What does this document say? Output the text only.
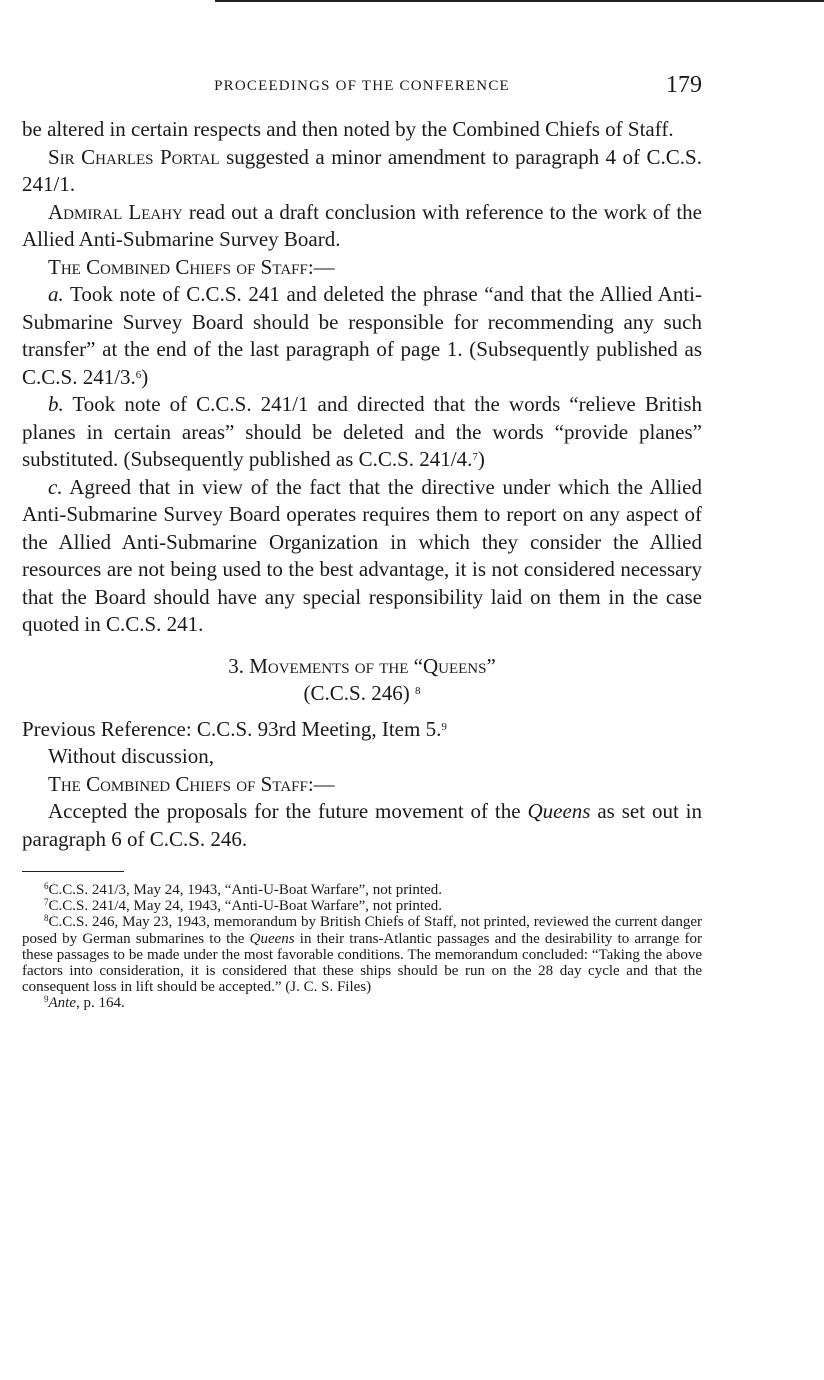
PROCEEDINGS OF THE CONFERENCE	179

be altered in certain respects and then noted by the Combined Chiefs of Staff.

Sir Charles Portal suggested a minor amendment to paragraph 4 of C.C.S. 241/1.

Admiral Leahy read out a draft conclusion with reference to the work of the Allied Anti-Submarine Survey Board.

The Combined Chiefs of Staff:—

a. Took note of C.C.S. 241 and deleted the phrase “and that the Allied Anti-Submarine Survey Board should be responsible for recommending any such transfer” at the end of the last paragraph of page 1. (Subsequently published as C.C.S. 241/3.$^6$)

b. Took note of C.C.S. 241/1 and directed that the words “relieve British planes in certain areas” should be deleted and the words “provide planes” substituted. (Subsequently published as C.C.S. 241/4.$^7$)

c. Agreed that in view of the fact that the directive under which the Allied Anti-Submarine Survey Board operates requires them to report on any aspect of the Allied Anti-Submarine Organization in which they consider the Allied resources are not being used to the best advantage, it is not considered necessary that the Board should have any special responsibility laid on them in the case quoted in C.C.S. 241.

3. Movements of the “Queens”

(C.C.S. 246) $^8$

Previous Reference: C.C.S. 93rd Meeting, Item 5.$^9$

Without discussion,

The Combined Chiefs of Staff:—

Accepted the proposals for the future movement of the Queens as set out in paragraph 6 of C.C.S. 246.

$^6$C.C.S. 241/3, May 24, 1943, “Anti-U-Boat Warfare”, not printed.

$^7$C.C.S. 241/4, May 24, 1943, “Anti-U-Boat Warfare”, not printed.

$^8$C.C.S. 246, May 23, 1943, memorandum by British Chiefs of Staff, not printed, reviewed the current danger posed by German submarines to the Queens in their trans-Atlantic passages and the desirability to arrange for these passages to be made under the most favorable conditions. The memorandum concluded: “Taking the above factors into consideration, it is considered that these ships should be run on the 28 day cycle and that the consequent loss in lift should be accepted.” (J. C. S. Files)

$^9$Ante, p. 164.
